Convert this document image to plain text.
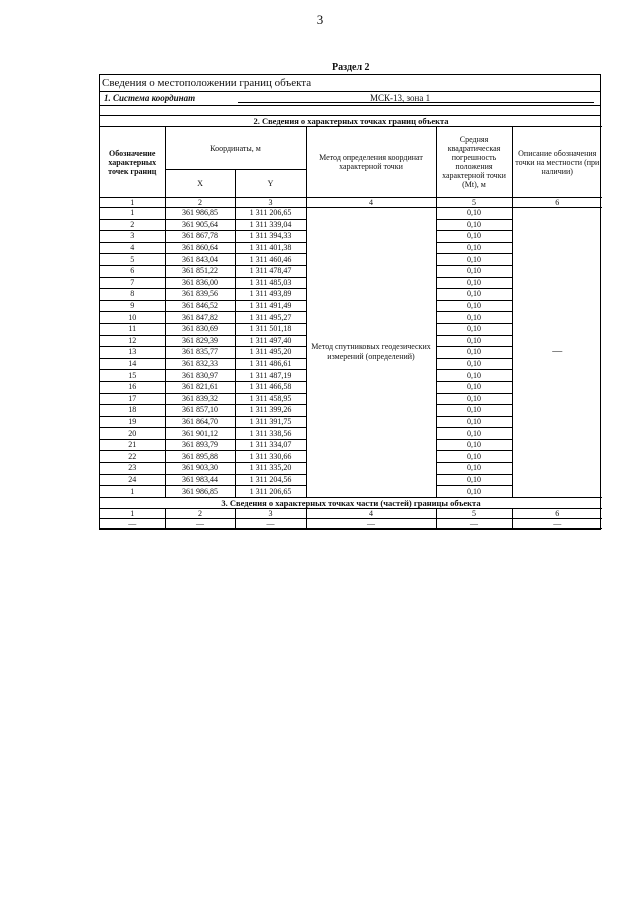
3
Раздел 2
Сведения о местоположении границ объекта
1. Система координат	МСК-13, зона 1
2. Сведения о характерных точках границ объекта					
Обозначение характерных точек границ	Координаты, м		Метод определения координат характерной точки	Средняя квадратическая погрешность положения характерной точки (Mt), м	Описание обозначения точки на местности (при наличии)
	X	Y			
1	2	3	4	5	6
1	361 986,85	1 311 206,65	Метод спутниковых геодезических измерений (определений)	0,10	—
2	361 905,64	1 311 339,04		0,10	
3	361 867,78	1 311 394,33		0,10	
4	361 860,64	1 311 401,38		0,10	
5	361 843,04	1 311 460,46		0,10	
6	361 851,22	1 311 478,47		0,10	
7	361 836,00	1 311 485,03		0,10	
8	361 839,56	1 311 493,89		0,10	
9	361 846,52	1 311 491,49		0,10	
10	361 847,82	1 311 495,27		0,10	
11	361 830,69	1 311 501,18		0,10	
12	361 829,39	1 311 497,40		0,10	
13	361 835,77	1 311 495,20		0,10	
14	361 832,33	1 311 486,61		0,10	
15	361 830,97	1 311 487,19		0,10	
16	361 821,61	1 311 466,58		0,10	
17	361 839,32	1 311 458,95		0,10	
18	361 857,10	1 311 399,26		0,10	
19	361 864,70	1 311 391,75		0,10	
20	361 901,12	1 311 338,56		0,10	
21	361 893,79	1 311 334,07		0,10	
22	361 895,88	1 311 330,66		0,10	
23	361 903,30	1 311 335,20		0,10	
24	361 983,44	1 311 204,56		0,10	
1	361 986,85	1 311 206,65		0,10	
3. Сведения о характерных точках части (частей) границы объекта					
1	2	3	4	5	6
—	—	—	—	—	—
